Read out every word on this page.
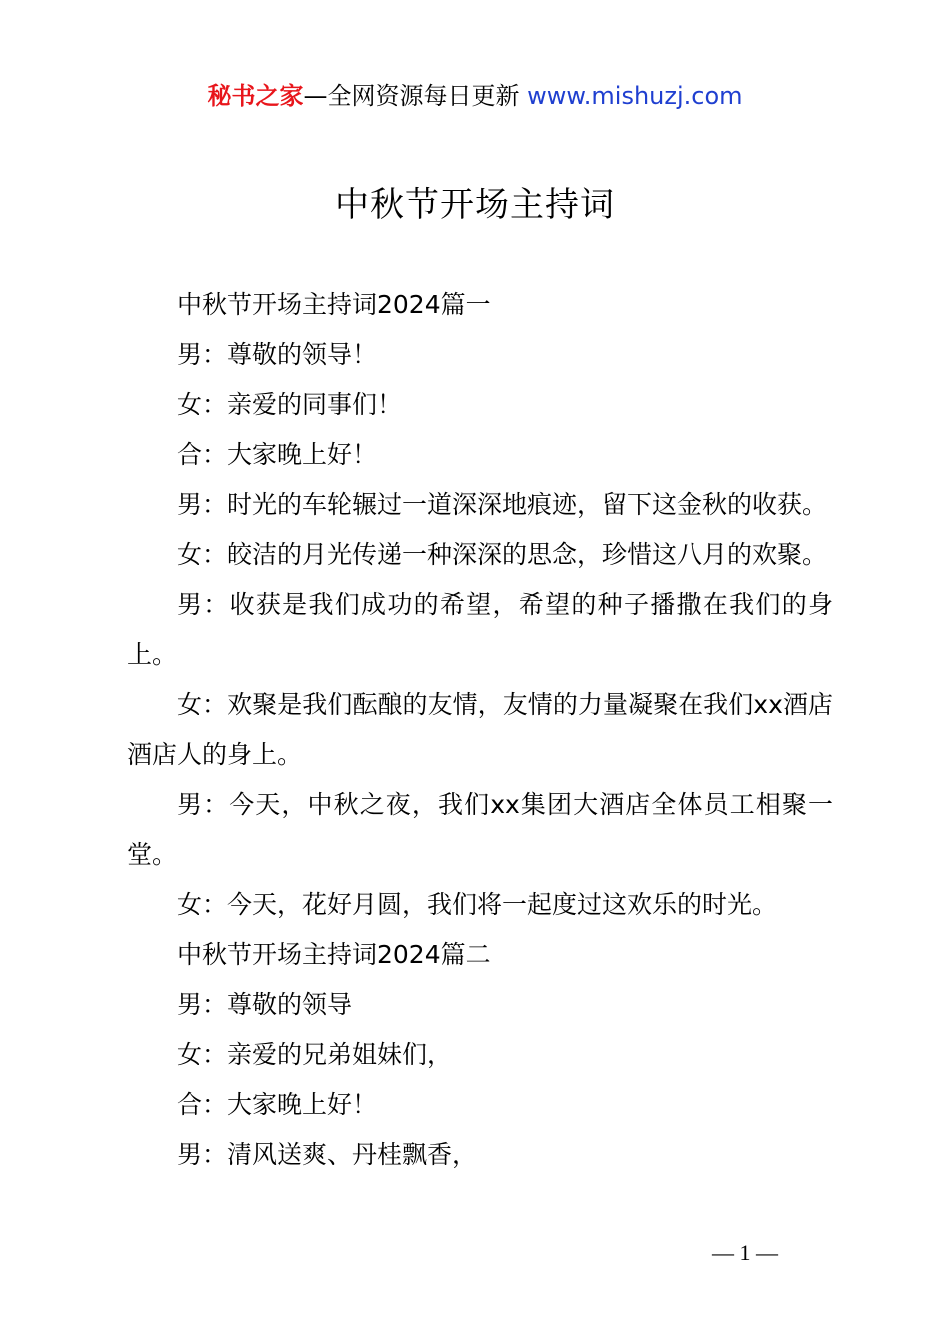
秘书之家—全网资源每日更新 www.mishuzj.com
中秋节开场主持词

中秋节开场主持词2024篇一

男：尊敬的领导！

女：亲爱的同事们！

合：大家晚上好！

男：时光的车轮辗过一道深深地痕迹，留下这金秋的收获。

女：皎洁的月光传递一种深深的思念，珍惜这八月的欢聚。

男：收获是我们成功的希望，希望的种子播撒在我们的身上。

女：欢聚是我们酝酿的友情，友情的力量凝聚在我们xx酒店酒店人的身上。

男：今天，中秋之夜，我们xx集团大酒店全体员工相聚一堂。

女：今天，花好月圆，我们将一起度过这欢乐的时光。

中秋节开场主持词2024篇二

男：尊敬的领导

女：亲爱的兄弟姐妹们，

合：大家晚上好！

男：清风送爽、丹桂飘香，

— 1 —
